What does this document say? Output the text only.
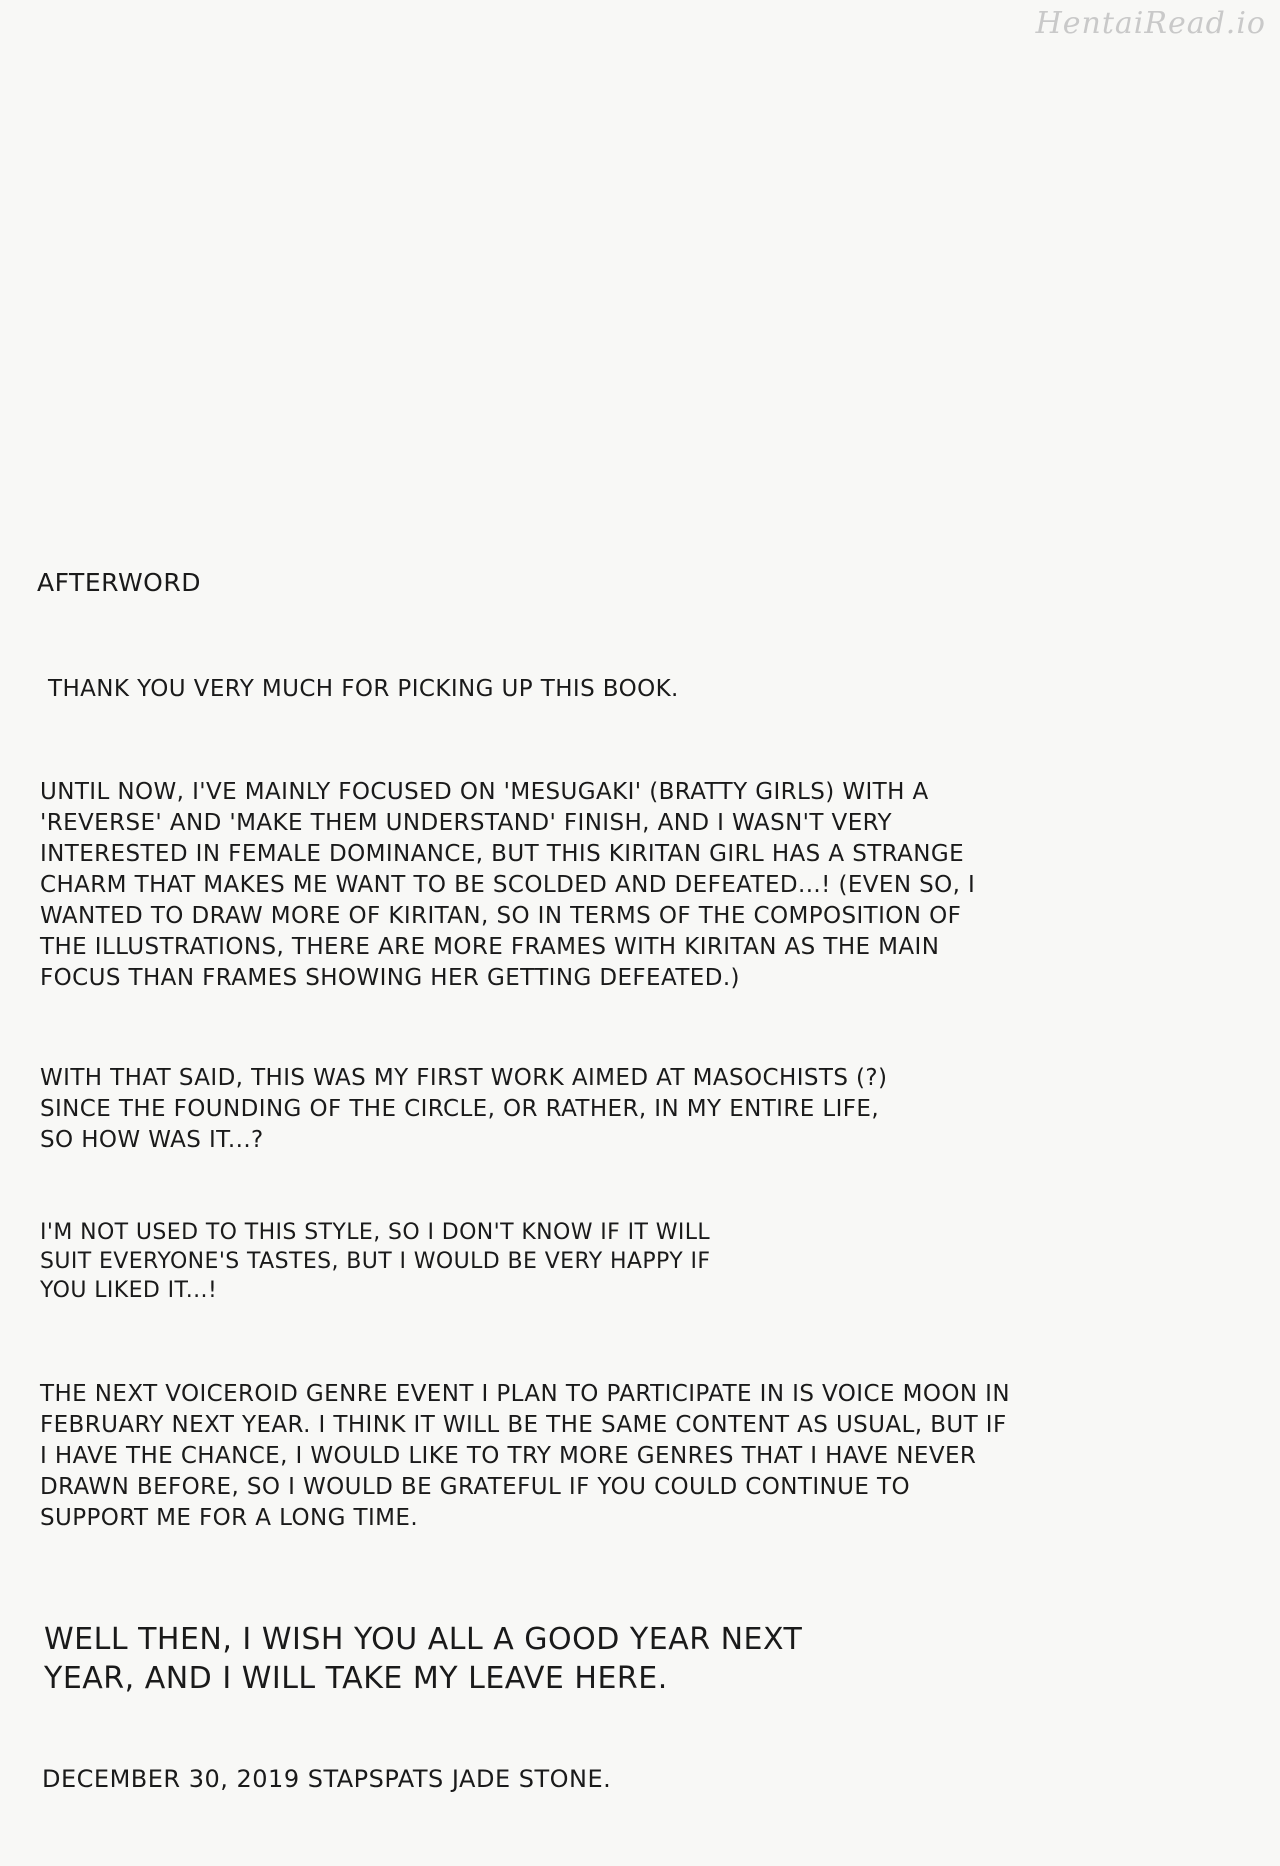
HentaiRead.io
AFTERWORD
THANK YOU VERY MUCH FOR PICKING UP THIS BOOK.
UNTIL NOW, I'VE MAINLY FOCUSED ON 'MESUGAKI' (BRATTY GIRLS) WITH A
'REVERSE' AND 'MAKE THEM UNDERSTAND' FINISH, AND I WASN'T VERY
INTERESTED IN FEMALE DOMINANCE, BUT THIS KIRITAN GIRL HAS A STRANGE
CHARM THAT MAKES ME WANT TO BE SCOLDED AND DEFEATED...! (EVEN SO, I
WANTED TO DRAW MORE OF KIRITAN, SO IN TERMS OF THE COMPOSITION OF
THE ILLUSTRATIONS, THERE ARE MORE FRAMES WITH KIRITAN AS THE MAIN
FOCUS THAN FRAMES SHOWING HER GETTING DEFEATED.)
WITH THAT SAID, THIS WAS MY FIRST WORK AIMED AT MASOCHISTS (?)
SINCE THE FOUNDING OF THE CIRCLE, OR RATHER, IN MY ENTIRE LIFE,
SO HOW WAS IT...?
I'M NOT USED TO THIS STYLE, SO I DON'T KNOW IF IT WILL
SUIT EVERYONE'S TASTES, BUT I WOULD BE VERY HAPPY IF
YOU LIKED IT...!
THE NEXT VOICEROID GENRE EVENT I PLAN TO PARTICIPATE IN IS VOICE MOON IN
FEBRUARY NEXT YEAR. I THINK IT WILL BE THE SAME CONTENT AS USUAL, BUT IF
I HAVE THE CHANCE, I WOULD LIKE TO TRY MORE GENRES THAT I HAVE NEVER
DRAWN BEFORE, SO I WOULD BE GRATEFUL IF YOU COULD CONTINUE TO
SUPPORT ME FOR A LONG TIME.
WELL THEN, I WISH YOU ALL A GOOD YEAR NEXT
YEAR, AND I WILL TAKE MY LEAVE HERE.
DECEMBER 30, 2019 STAPSPATS JADE STONE.
